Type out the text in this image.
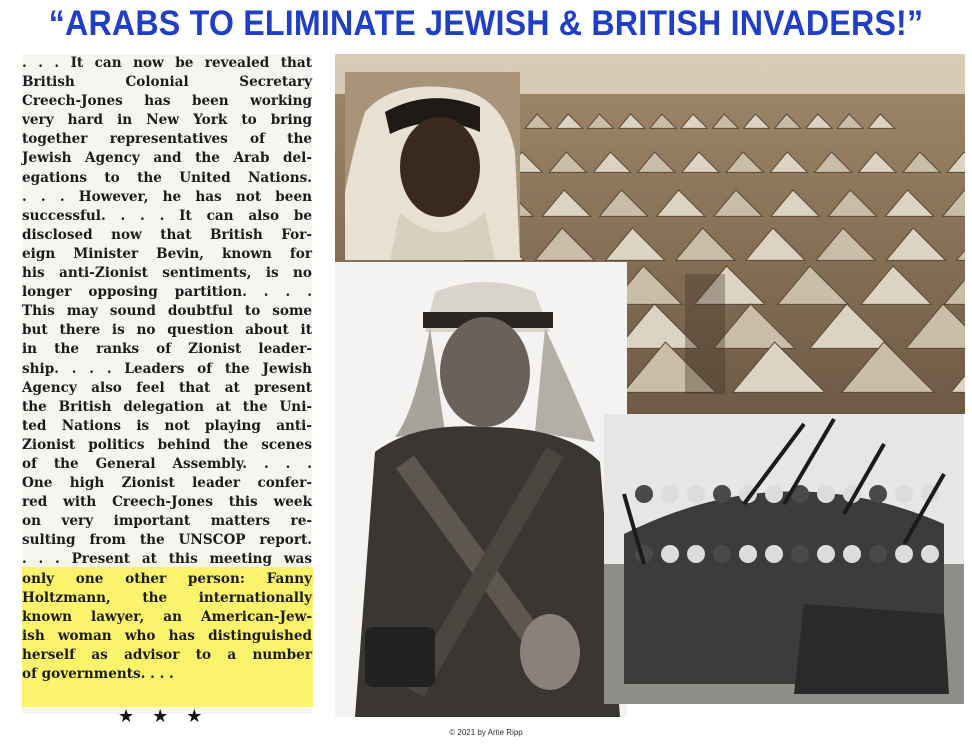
“ARABS TO ELIMINATE JEWISH & BRITISH INVADERS!”
. . . It can now be revealed that
British Colonial Secretary
Creech-Jones has been working
very hard in New York to bring
together representatives of the
Jewish Agency and the Arab del-
egations to the United Nations.
. . . However, he has not been
successful. . . . It can also be
disclosed now that British For-
eign Minister Bevin, known for
his anti-Zionist sentiments, is no
longer opposing partition. . . .
This may sound doubtful to some
but there is no question about it
in the ranks of Zionist leader-
ship. . . . Leaders of the Jewish
Agency also feel that at present
the British delegation at the Uni-
ted Nations is not playing anti-
Zionist politics behind the scenes
of the General Assembly. . . .
One high Zionist leader confer-
red with Creech-Jones this week
on very important matters re-
sulting from the UNSCOP report.
. . . Present at this meeting was
only one other person: Fanny
Holtzmann, the internationally
known lawyer, an American-Jew-
ish woman who has distinguished
herself as advisor to a number
of governments. . . .
★★★
© 2021 by Artie Ripp
